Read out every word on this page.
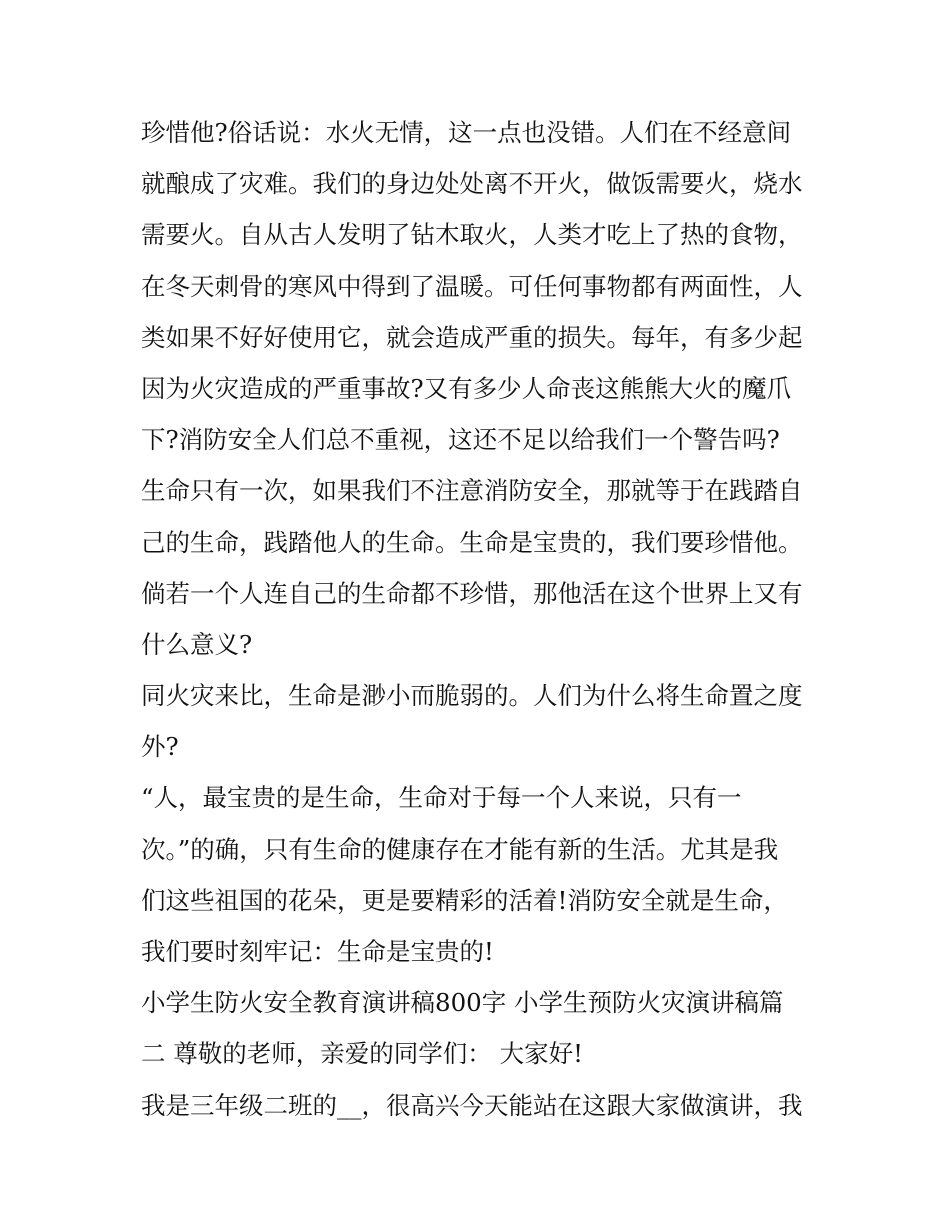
珍惜他?俗话说：水火无情，这一点也没错。人们在不经意间
就酿成了灾难。我们的身边处处离不开火，做饭需要火，烧水
需要火。自从古人发明了钻木取火，人类才吃上了热的食物，
在冬天刺骨的寒风中得到了温暖。可任何事物都有两面性，人
类如果不好好使用它，就会造成严重的损失。每年，有多少起
因为火灾造成的严重事故?又有多少人命丧这熊熊大火的魔爪
下?消防安全人们总不重视，这还不足以给我们一个警告吗?
生命只有一次，如果我们不注意消防安全，那就等于在践踏自
己的生命，践踏他人的生命。生命是宝贵的，我们要珍惜他。
倘若一个人连自己的生命都不珍惜，那他活在这个世界上又有
什么意义?
同火灾来比，生命是渺小而脆弱的。人们为什么将生命置之度
外?
“人，最宝贵的是生命，生命对于每一个人来说，只有一
次。”的确，只有生命的健康存在才能有新的生活。尤其是我
们这些祖国的花朵，更是要精彩的活着!消防安全就是生命，
我们要时刻牢记：生命是宝贵的!
小学生防火安全教育演讲稿800字 小学生预防火灾演讲稿篇
二 尊敬的老师，亲爱的同学们： 大家好!
我是三年级二班的__，很高兴今天能站在这跟大家做演讲，我
